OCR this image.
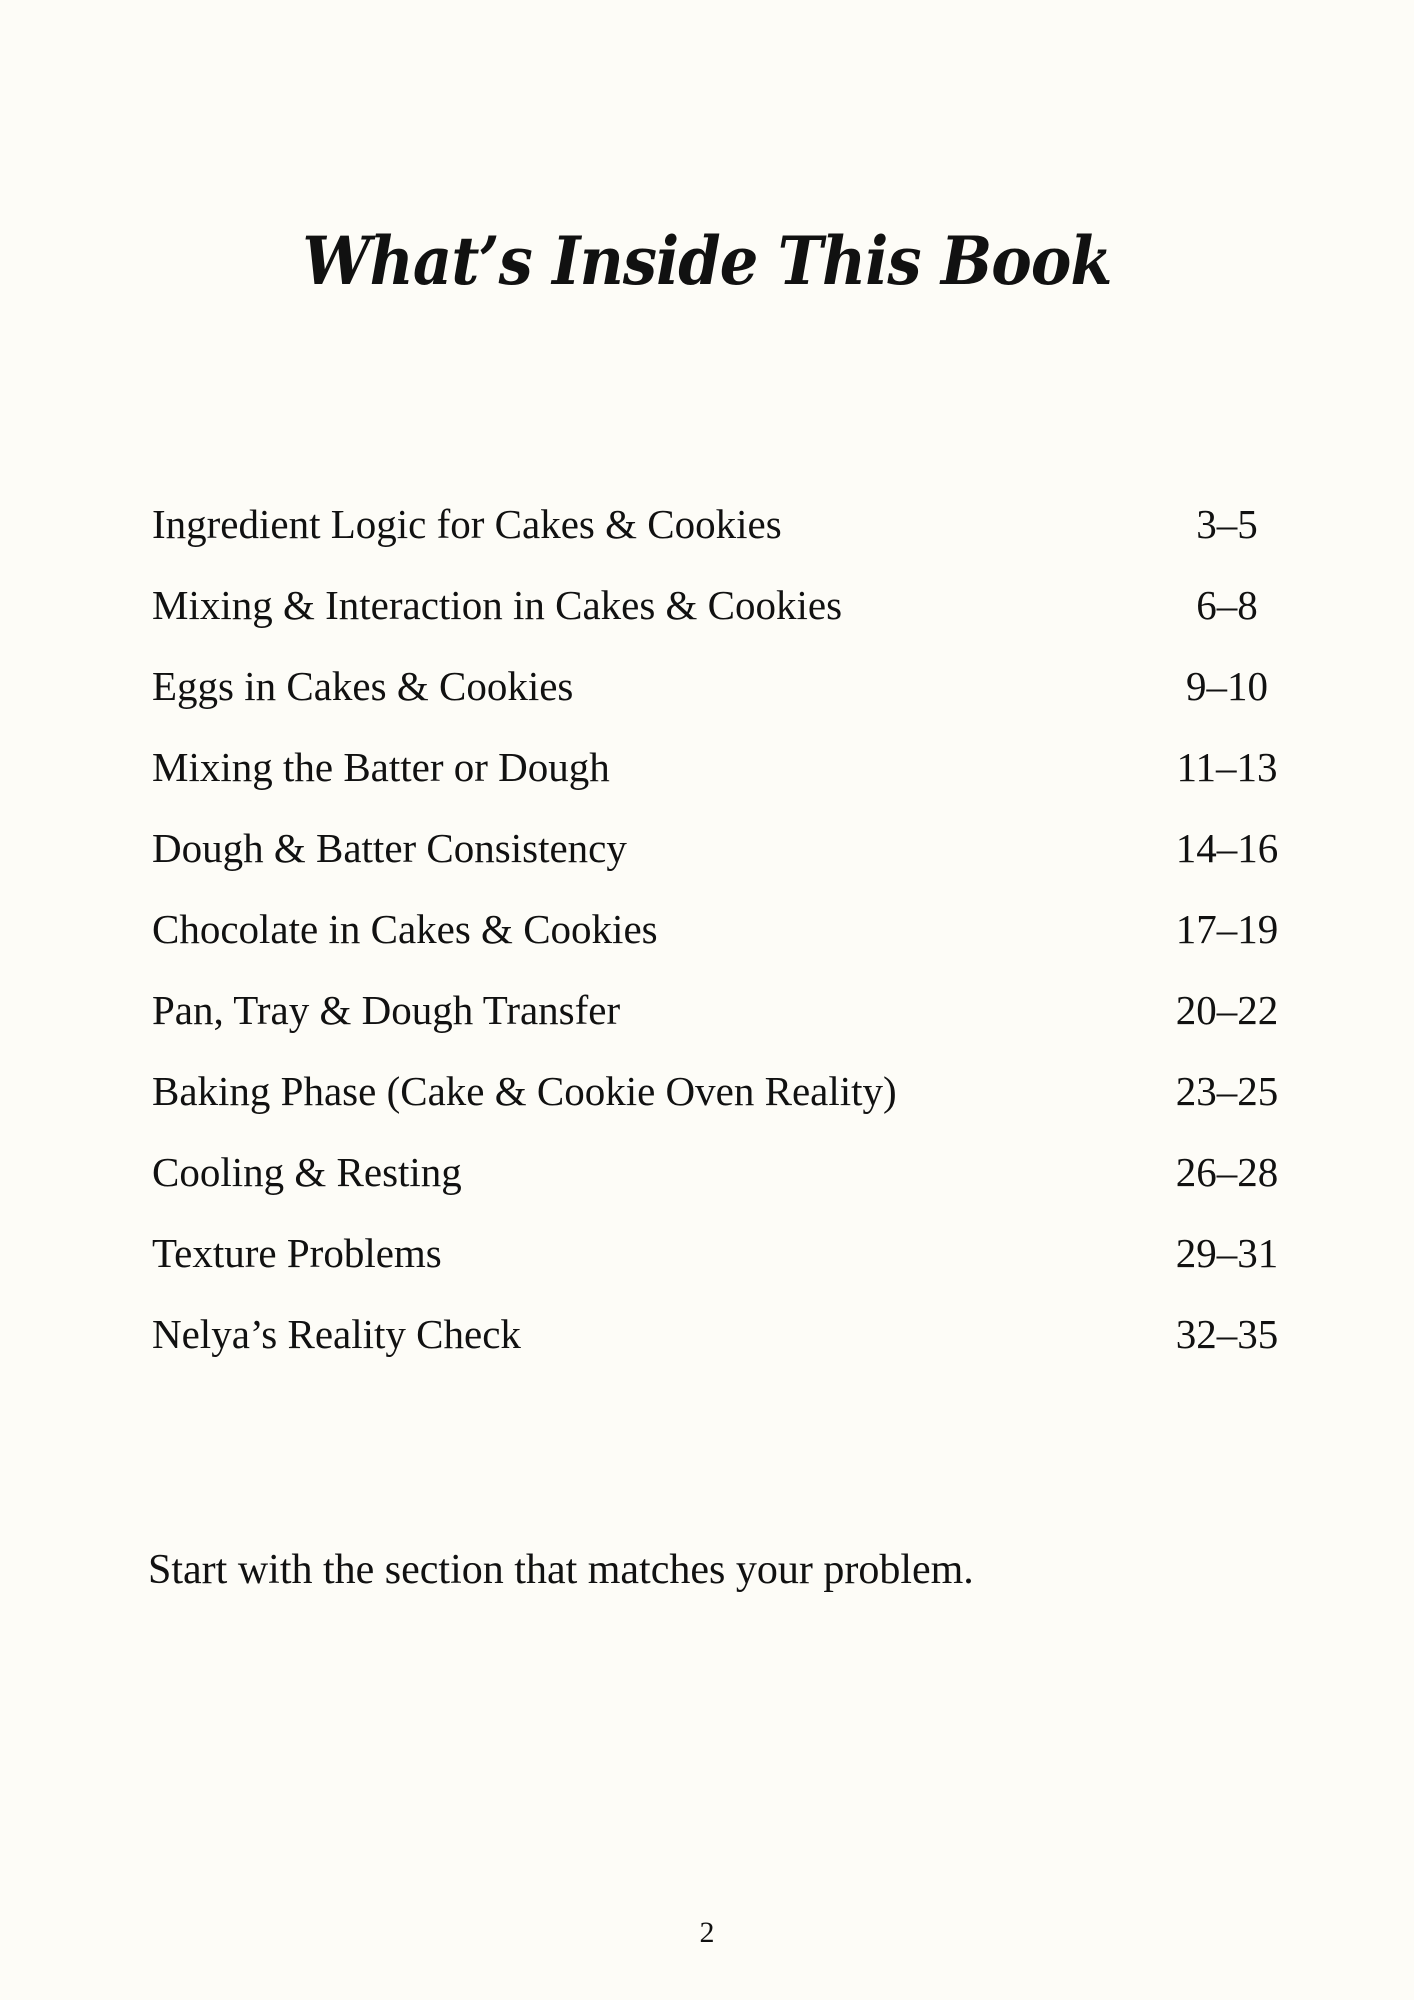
What’s Inside This Book
Ingredient Logic for Cakes & Cookies	3–5
Mixing & Interaction in Cakes & Cookies	6–8
Eggs in Cakes & Cookies	9–10
Mixing the Batter or Dough	11–13
Dough & Batter Consistency	14–16
Chocolate in Cakes & Cookies	17–19
Pan, Tray & Dough Transfer	20–22
Baking Phase (Cake & Cookie Oven Reality)	23–25
Cooling & Resting	26–28
Texture Problems	29–31
Nelya’s Reality Check	32–35

Start with the section that matches your problem.

2
